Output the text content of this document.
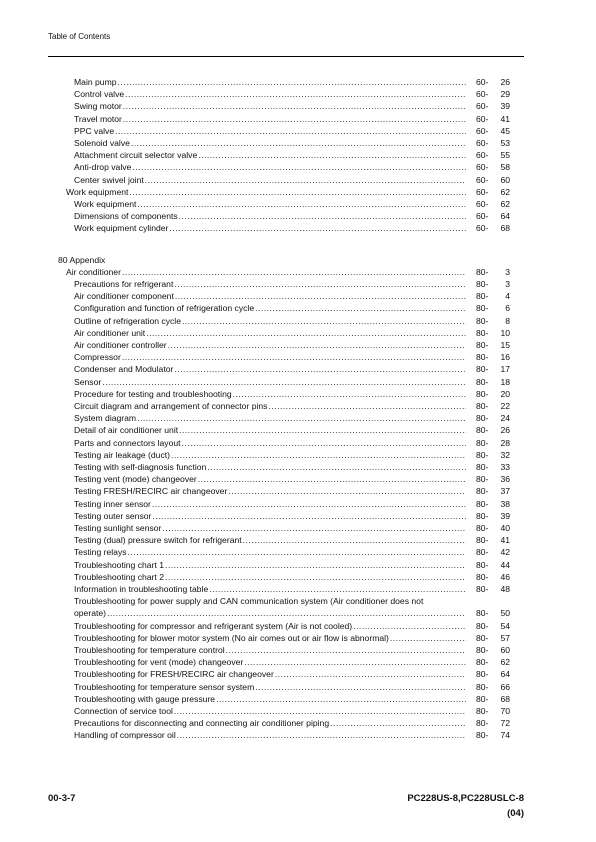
Table of Contents
Main pump .....	60-	26
Control valve .....	60-	29
Swing motor .....	60-	39
Travel motor .....	60-	41
PPC valve .....	60-	45
Solenoid valve .....	60-	53
Attachment circuit selector valve .....	60-	55
Anti-drop valve .....	60-	58
Center swivel joint .....	60-	60
Work equipment .....	60-	62
Work equipment .....	60-	62
Dimensions of components .....	60-	64
Work equipment cylinder .....	60-	68
80 Appendix
Air conditioner .....	80-	3
Precautions for refrigerant .....	80-	3
Air conditioner component .....	80-	4
Configuration and function of refrigeration cycle .....	80-	6
Outline of refrigeration cycle .....	80-	8
Air conditioner unit .....	80-	10
Air conditioner controller .....	80-	15
Compressor .....	80-	16
Condenser and Modulator .....	80-	17
Sensor .....	80-	18
Procedure for testing and troubleshooting .....	80-	20
Circuit diagram and arrangement of connector pins .....	80-	22
System diagram .....	80-	24
Detail of air conditioner unit .....	80-	26
Parts and connectors layout .....	80-	28
Testing air leakage (duct) .....	80-	32
Testing with self-diagnosis function .....	80-	33
Testing vent (mode) changeover .....	80-	36
Testing FRESH/RECIRC air changeover .....	80-	37
Testing inner sensor .....	80-	38
Testing outer sensor .....	80-	39
Testing sunlight sensor .....	80-	40
Testing (dual) pressure switch for refrigerant .....	80-	41
Testing relays .....	80-	42
Troubleshooting chart 1 .....	80-	44
Troubleshooting chart 2 .....	80-	46
Information in troubleshooting table .....	80-	48
Troubleshooting for power supply and CAN communication system (Air conditioner does not
operate) .....	80-	50
Troubleshooting for compressor and refrigerant system (Air is not cooled) .....	80-	54
Troubleshooting for blower motor system (No air comes out or air flow is abnormal) .....	80-	57
Troubleshooting for temperature control .....	80-	60
Troubleshooting for vent (mode) changeover .....	80-	62
Troubleshooting for FRESH/RECIRC air changeover .....	80-	64
Troubleshooting for temperature sensor system .....	80-	66
Troubleshooting with gauge pressure .....	80-	68
Connection of service tool .....	80-	70
Precautions for disconnecting and connecting air conditioner piping .....	80-	72
Handling of compressor oil .....	80-	74
00-3-7	PC228US-8,PC228USLC-8
(04)
